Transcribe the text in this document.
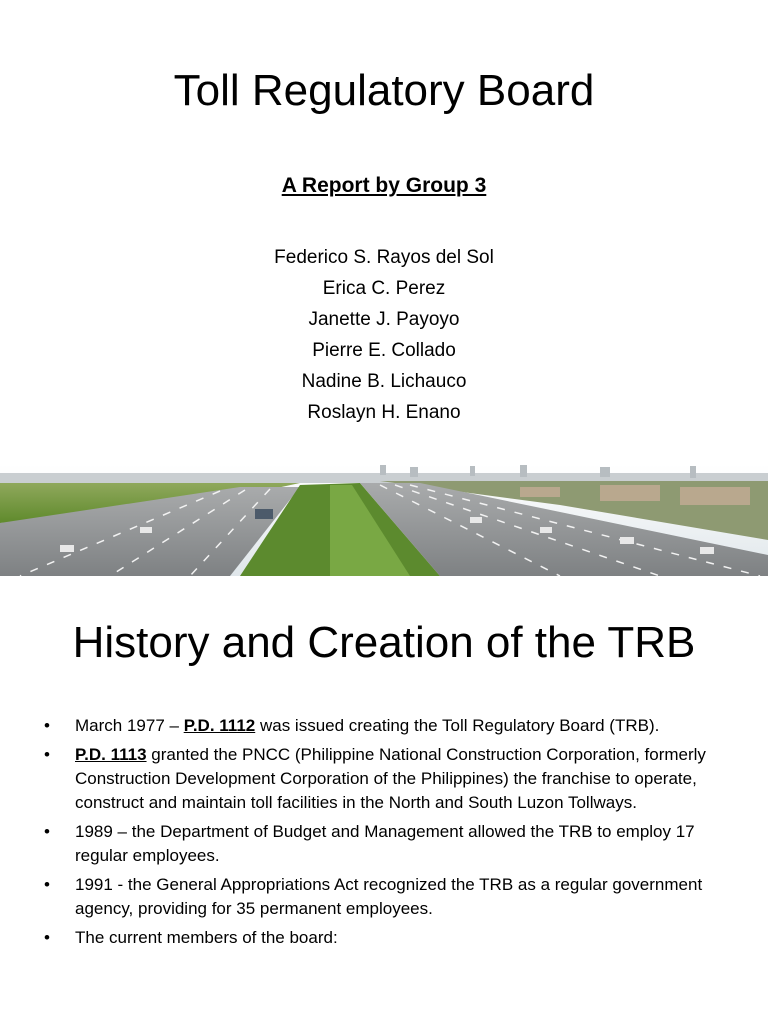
Toll Regulatory Board
A Report by Group 3
Federico S. Rayos del Sol
Erica C. Perez
Janette J. Payoyo
Pierre E. Collado
Nadine B. Lichauco
Roslayn H. Enano
History and Creation of the TRB
• March 1977 – P.D. 1112 was issued creating the Toll Regulatory Board (TRB).
• P.D. 1113 granted the PNCC (Philippine National Construction Corporation, formerly Construction Development Corporation of the Philippines) the franchise to operate, construct and maintain toll facilities in the North and South Luzon Tollways.
• 1989 – the Department of Budget and Management allowed the TRB to employ 17 regular employees.
• 1991 - the General Appropriations Act recognized the TRB as a regular government agency, providing for 35 permanent employees.
• The current members of the board:
